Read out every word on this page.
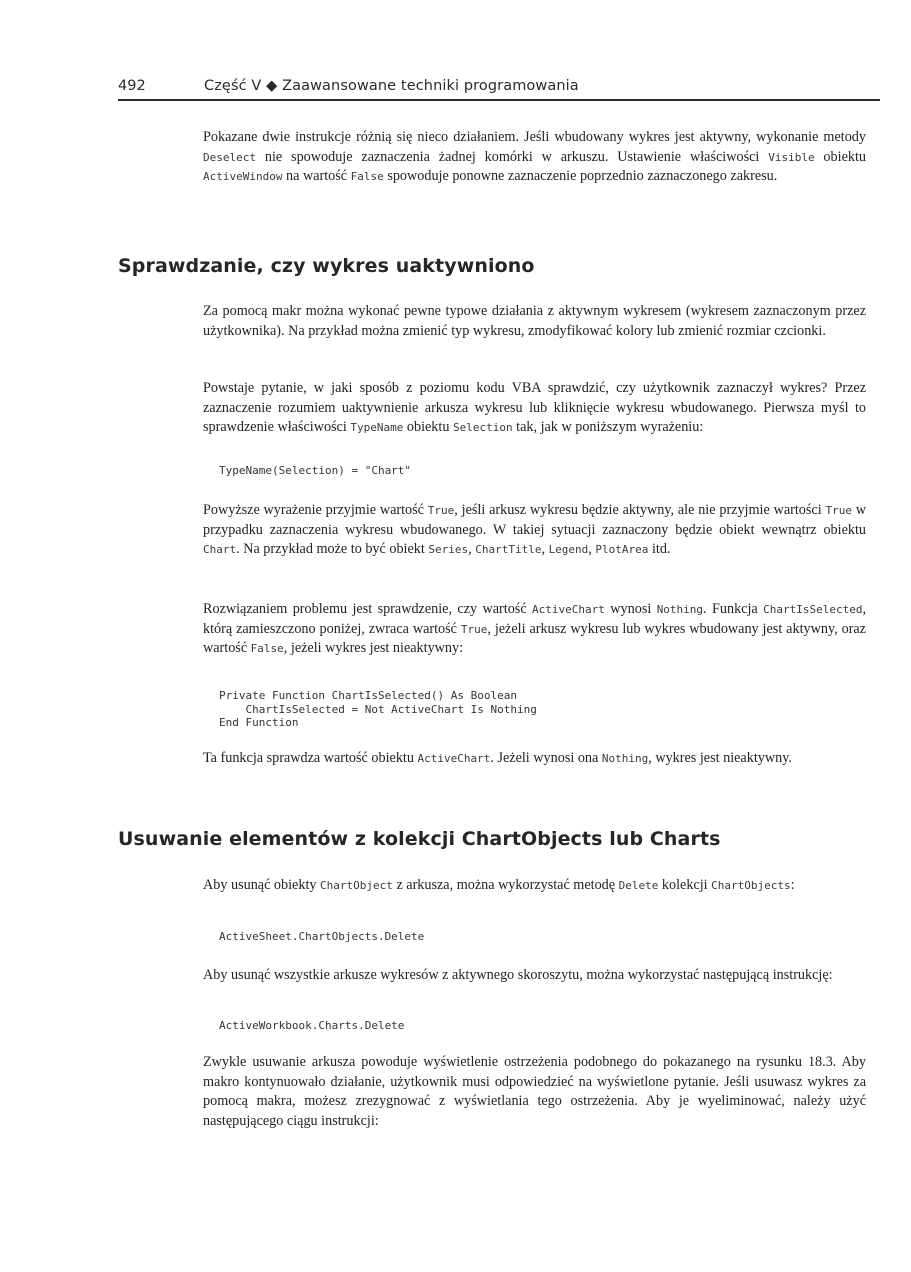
492	Część V ◆ Zaawansowane techniki programowania

Pokazane dwie instrukcje różnią się nieco działaniem. Jeśli wbudowany wykres jest aktywny, wykonanie metody Deselect nie spowoduje zaznaczenia żadnej komórki w arkuszu. Ustawienie właściwości Visible obiektu ActiveWindow na wartość False spowoduje ponowne zaznaczenie poprzednio zaznaczonego zakresu.

Sprawdzanie, czy wykres uaktywniono

Za pomocą makr można wykonać pewne typowe działania z aktywnym wykresem (wykresem zaznaczonym przez użytkownika). Na przykład można zmienić typ wykresu, zmodyfikować kolory lub zmienić rozmiar czcionki.

Powstaje pytanie, w jaki sposób z poziomu kodu VBA sprawdzić, czy użytkownik zaznaczył wykres? Przez zaznaczenie rozumiem uaktywnienie arkusza wykresu lub kliknięcie wykresu wbudowanego. Pierwsza myśl to sprawdzenie właściwości TypeName obiektu Selection tak, jak w poniższym wyrażeniu:

TypeName(Selection) = "Chart"

Powyższe wyrażenie przyjmie wartość True, jeśli arkusz wykresu będzie aktywny, ale nie przyjmie wartości True w przypadku zaznaczenia wykresu wbudowanego. W takiej sytuacji zaznaczony będzie obiekt wewnątrz obiektu Chart. Na przykład może to być obiekt Series, ChartTitle, Legend, PlotArea itd.

Rozwiązaniem problemu jest sprawdzenie, czy wartość ActiveChart wynosi Nothing. Funkcja ChartIsSelected, którą zamieszczono poniżej, zwraca wartość True, jeżeli arkusz wykresu lub wykres wbudowany jest aktywny, oraz wartość False, jeżeli wykres jest nieaktywny:

Private Function ChartIsSelected() As Boolean
ChartIsSelected = Not ActiveChart Is Nothing
End Function

Ta funkcja sprawdza wartość obiektu ActiveChart. Jeżeli wynosi ona Nothing, wykres jest nieaktywny.

Usuwanie elementów z kolekcji ChartObjects lub Charts

Aby usunąć obiekty ChartObject z arkusza, można wykorzystać metodę Delete kolekcji ChartObjects:

ActiveSheet.ChartObjects.Delete

Aby usunąć wszystkie arkusze wykresów z aktywnego skoroszytu, można wykorzystać następującą instrukcję:

ActiveWorkbook.Charts.Delete

Zwykle usuwanie arkusza powoduje wyświetlenie ostrzeżenia podobnego do pokazanego na rysunku 18.3. Aby makro kontynuowało działanie, użytkownik musi odpowiedzieć na wyświetlone pytanie. Jeśli usuwasz wykres za pomocą makra, możesz zrezygnować z wyświetlania tego ostrzeżenia. Aby je wyeliminować, należy użyć następującego ciągu instrukcji:
